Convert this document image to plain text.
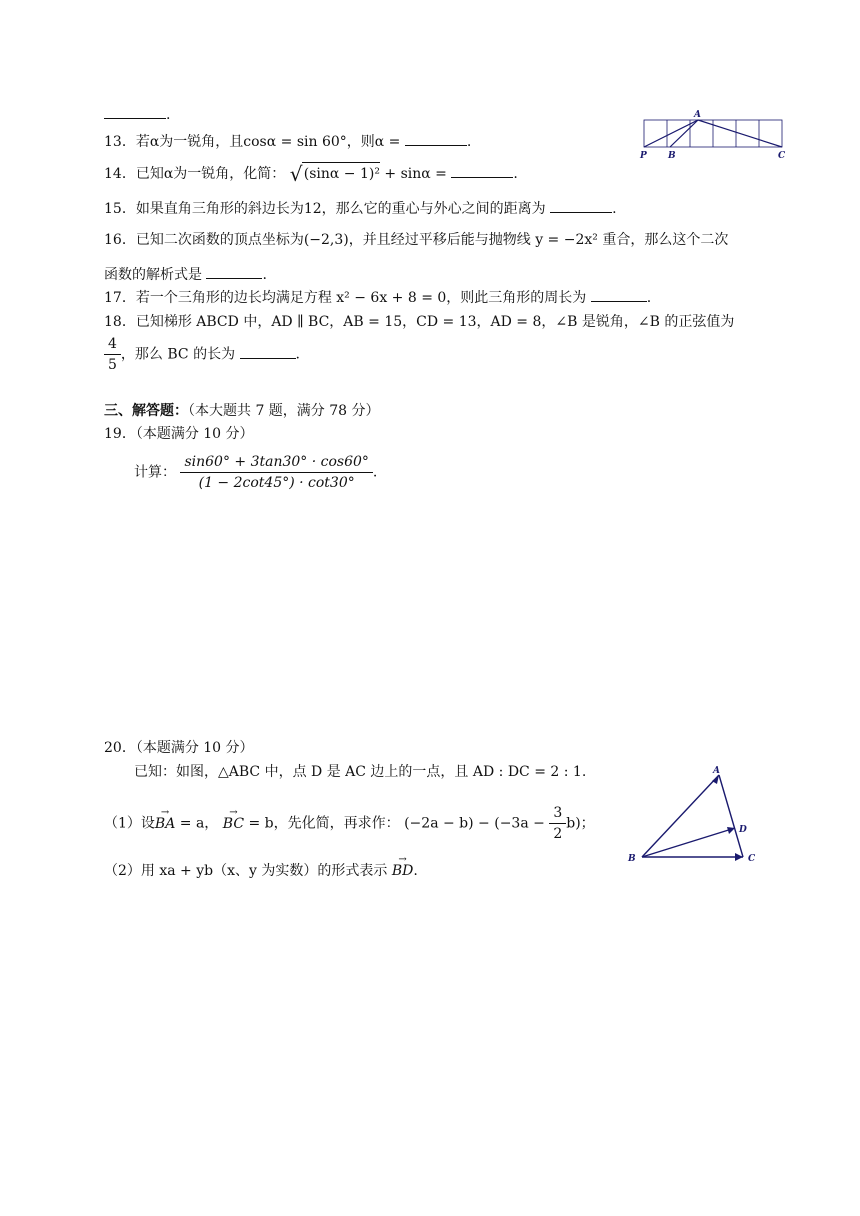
.
13．若α为一锐角，且cosα = sin 60°，则α =	.
14．已知α为一锐角，化简： √ (sinα − 1)² + sinα =	.
15．如果直角三角形的斜边长为12，那么它的重心与外心之间的距离为	.
16．已知二次函数的顶点坐标为(−2,3)，并且经过平移后能与抛物线 y = −2x² 重合，那么这个二次
函数的解析式是	.
17．若一个三角形的边长均满足方程 x² − 6x + 8 = 0，则此三角形的周长为	.
18．已知梯形 ABCD 中，AD ∥ BC，AB = 15，CD = 13，AD = 8，∠B 是锐角，∠B 的正弦值为
$\frac{4}{5}$ ，那么 BC 的长为	.
三、解答题：（本大题共 7 题，满分 78 分）
19．（本题满分 10 分）
计算： $\frac{\sin 60^\circ + 3\tan 30^\circ \cdot \cos 60^\circ}{(1 - 2\cot 45^\circ) \cdot \cot 30^\circ}$ .
20．（本题满分 10 分）
已知：如图，△ABC 中，点 D 是 AC 边上的一点，且 AD : DC = 2 : 1.
（1）设→ BA = a， → BC = b，先化简，再求作： $(-2a - b) - (-3a - \frac{3}{2} b)$；
（2）用 xa + yb（x、y 为实数）的形式表示 → BD.
A
P B	C
A
D
B	C
